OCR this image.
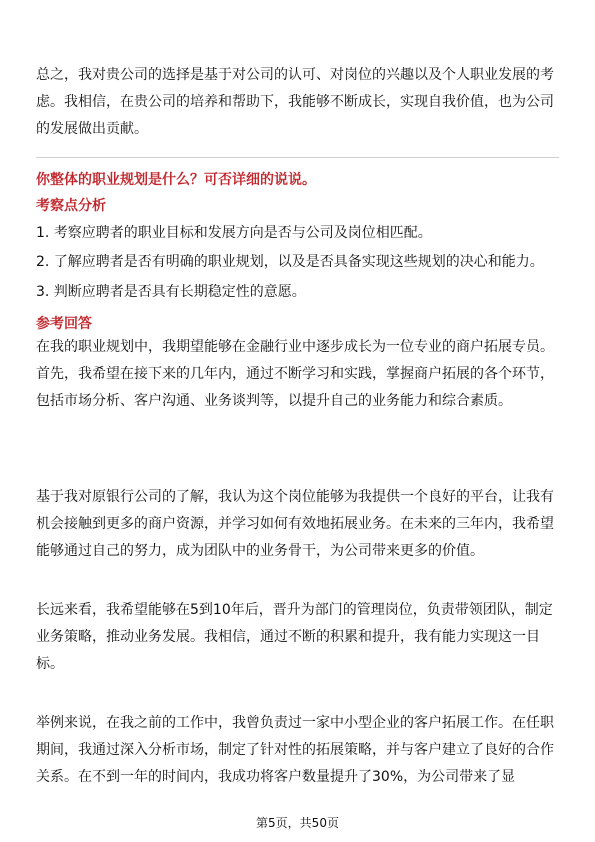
总之，我对贵公司的选择是基于对公司的认可、对岗位的兴趣以及个人职业发展的考虑。我相信，在贵公司的培养和帮助下，我能够不断成长，实现自我价值，也为公司的发展做出贡献。

你整体的职业规划是什么？可否详细的说说。

考察点分析

1. 考察应聘者的职业目标和发展方向是否与公司及岗位相匹配。

2. 了解应聘者是否有明确的职业规划，以及是否具备实现这些规划的决心和能力。

3. 判断应聘者是否具有长期稳定性的意愿。

参考回答

在我的职业规划中，我期望能够在金融行业中逐步成长为一位专业的商户拓展专员。首先，我希望在接下来的几年内，通过不断学习和实践，掌握商户拓展的各个环节，包括市场分析、客户沟通、业务谈判等，以提升自己的业务能力和综合素质。

基于我对原银行公司的了解，我认为这个岗位能够为我提供一个良好的平台，让我有机会接触到更多的商户资源，并学习如何有效地拓展业务。在未来的三年内，我希望能够通过自己的努力，成为团队中的业务骨干，为公司带来更多的价值。

长远来看，我希望能够在5到10年后，晋升为部门的管理岗位，负责带领团队，制定业务策略，推动业务发展。我相信，通过不断的积累和提升，我有能力实现这一目标。

举例来说，在我之前的工作中，我曾负责过一家中小型企业的客户拓展工作。在任职期间，我通过深入分析市场，制定了针对性的拓展策略，并与客户建立了良好的合作关系。在不到一年的时间内，我成功将客户数量提升了30%，为公司带来了显

第5页，共50页
